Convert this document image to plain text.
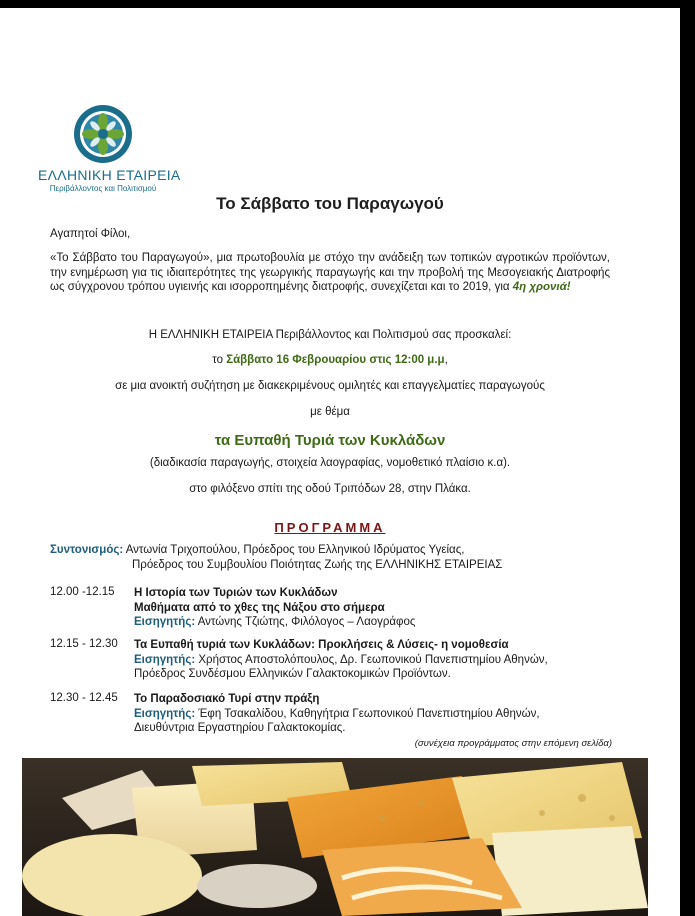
ΕΛΛΗΝΙΚΗ ΕΤΑΙΡΕΙΑ
Περιβάλλοντος και Πολιτισμού
Το Σάββατο του Παραγωγού
Αγαπητοί Φίλοι,
«Το Σάββατο του Παραγωγού», μια πρωτοβουλία με στόχο την ανάδειξη των τοπικών αγροτικών προϊόντων, την ενημέρωση για τις ιδιαιτερότητες της γεωργικής παραγωγής και την προβολή της Μεσογειακής Διατροφής ως σύγχρονου τρόπου υγιεινής και ισορροπημένης διατροφής, συνεχίζεται και το 2019, για 4η χρονιά!
Η ΕΛΛΗΝΙΚΗ ΕΤΑΙΡΕΙΑ Περιβάλλοντος και Πολιτισμού σας προσκαλεί:
το Σάββατο 16 Φεβρουαρίου στις 12:00 μ.μ,
σε μια ανοικτή συζήτηση με διακεκριμένους ομιλητές και επαγγελματίες παραγωγούς
με θέμα
τα Ευπαθή Τυριά των Κυκλάδων
(διαδικασία παραγωγής, στοιχεία λαογραφίας, νομοθετικό πλαίσιο κ.α).
στο φιλόξενο σπίτι της οδού Τριπόδων 28, στην Πλάκα.
ΠΡΟΓΡΑΜΜΑ
Συντονισμός: Αντωνία Τριχοπούλου, Πρόεδρος του Ελληνικού Ιδρύματος Υγείας,
Πρόεδρος του Συμβουλίου Ποιότητας Ζωής της ΕΛΛΗΝΙΚΗΣ ΕΤΑΙΡΕΙΑΣ
12.00 -12.15 Η Ιστορία των Τυριών των Κυκλάδων
Μαθήματα από το χθες της Νάξου στο σήμερα
Εισηγητής: Αντώνης Τζιώτης, Φιλόλογος – Λαογράφος
12.15 - 12.30 Τα Ευπαθή τυριά των Κυκλάδων: Προκλήσεις & Λύσεις- η νομοθεσία
Εισηγητής: Χρήστος Αποστολόπουλος, Δρ. Γεωπονικού Πανεπιστημίου Αθηνών,
Πρόεδρος Συνδέσμου Ελληνικών Γαλακτοκομικών Προϊόντων.
12.30 - 12.45 Το Παραδοσιακό Τυρί στην πράξη
Εισηγητής: Έφη Τσακαλίδου, Καθηγήτρια Γεωπονικού Πανεπιστημίου Αθηνών,
Διευθύντρια Εργαστηρίου Γαλακτοκομίας.
(συνέχεια προγράμματος στην επόμενη σελίδα)
